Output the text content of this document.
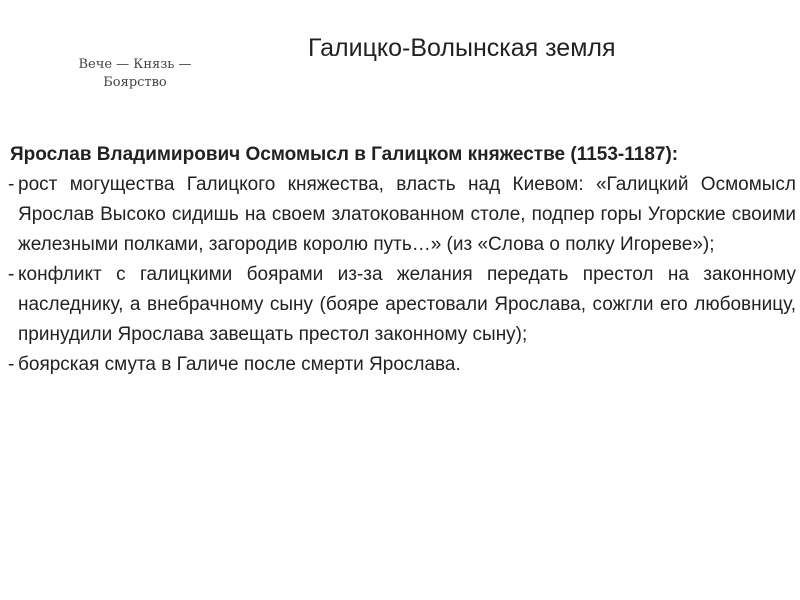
Вече — Князь — Боярство
Галицко-Волынская земля
Ярослав Владимирович Осмомысл в Галицком княжестве (1153-1187):
- рост могущества Галицкого княжества, власть над Киевом: «Галицкий Осмомысл Ярослав Высоко сидишь на своем златокованном столе, подпер горы Угорские своими железными полками, загородив королю путь…» (из «Слова о полку Игореве»);
- конфликт с галицкими боярами из-за желания передать престол на законному наследнику, а внебрачному сыну (бояре арестовали Ярослава, сожгли его любовницу, принудили Ярослава завещать престол законному сыну);
- боярская смута в Галиче после смерти Ярослава.
